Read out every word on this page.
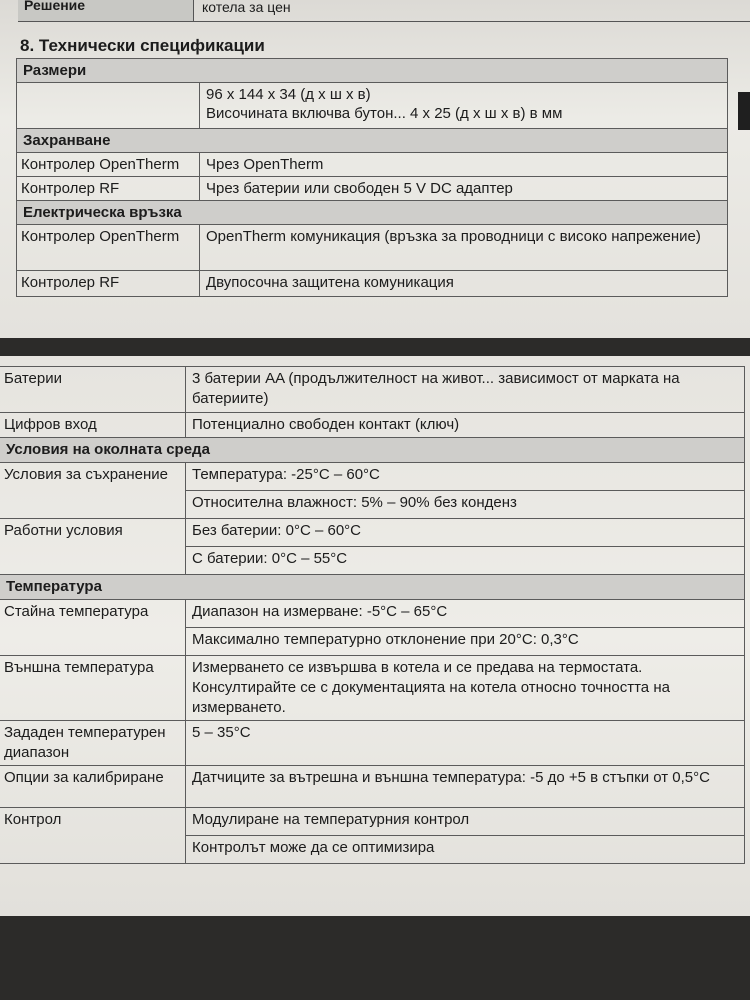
Решение	котела за цен
8. Технически спецификации
Размери	
	96 x 144 x 34 (д x ш x в)
Височината включва бутон... 4 x 25 (д x ш x в) в мм
Захранване	
Контролер OpenTherm	Чрез OpenTherm
Контролер RF	Чрез батерии или свободен 5 V DC адаптер
Електрическа връзка	
Контролер OpenTherm	OpenTherm комуникация (връзка за проводници с високо напрежение)
Контролер RF	Двупосочна защитена комуникация
Батерии	3 батерии AA (продължителност на живот... зависимост от марката на батериите)
Цифров вход	Потенциално свободен контакт (ключ)
Условия на околната среда	
Условия за съхранение	Температура: -25°C – 60°C
	Относителна влажност: 5% – 90% без конденз
Работни условия	Без батерии: 0°C – 60°C
	С батерии: 0°C – 55°C
Температура	
Стайна температура	Диапазон на измерване: -5°C – 65°C
	Максимално температурно отклонение при 20°C: 0,3°C
Външна температура	Измерването се извършва в котела и се предава на термостата. Консултирайте се с документацията на котела относно точността на измерването.
Зададен температурен диапазон	5 – 35°C
Опции за калибриране	Датчиците за вътрешна и външна температура: -5 до +5 в стъпки от 0,5°C
Контрол	Модулиране на температурния контрол
	Контролът може да се оптимизира
